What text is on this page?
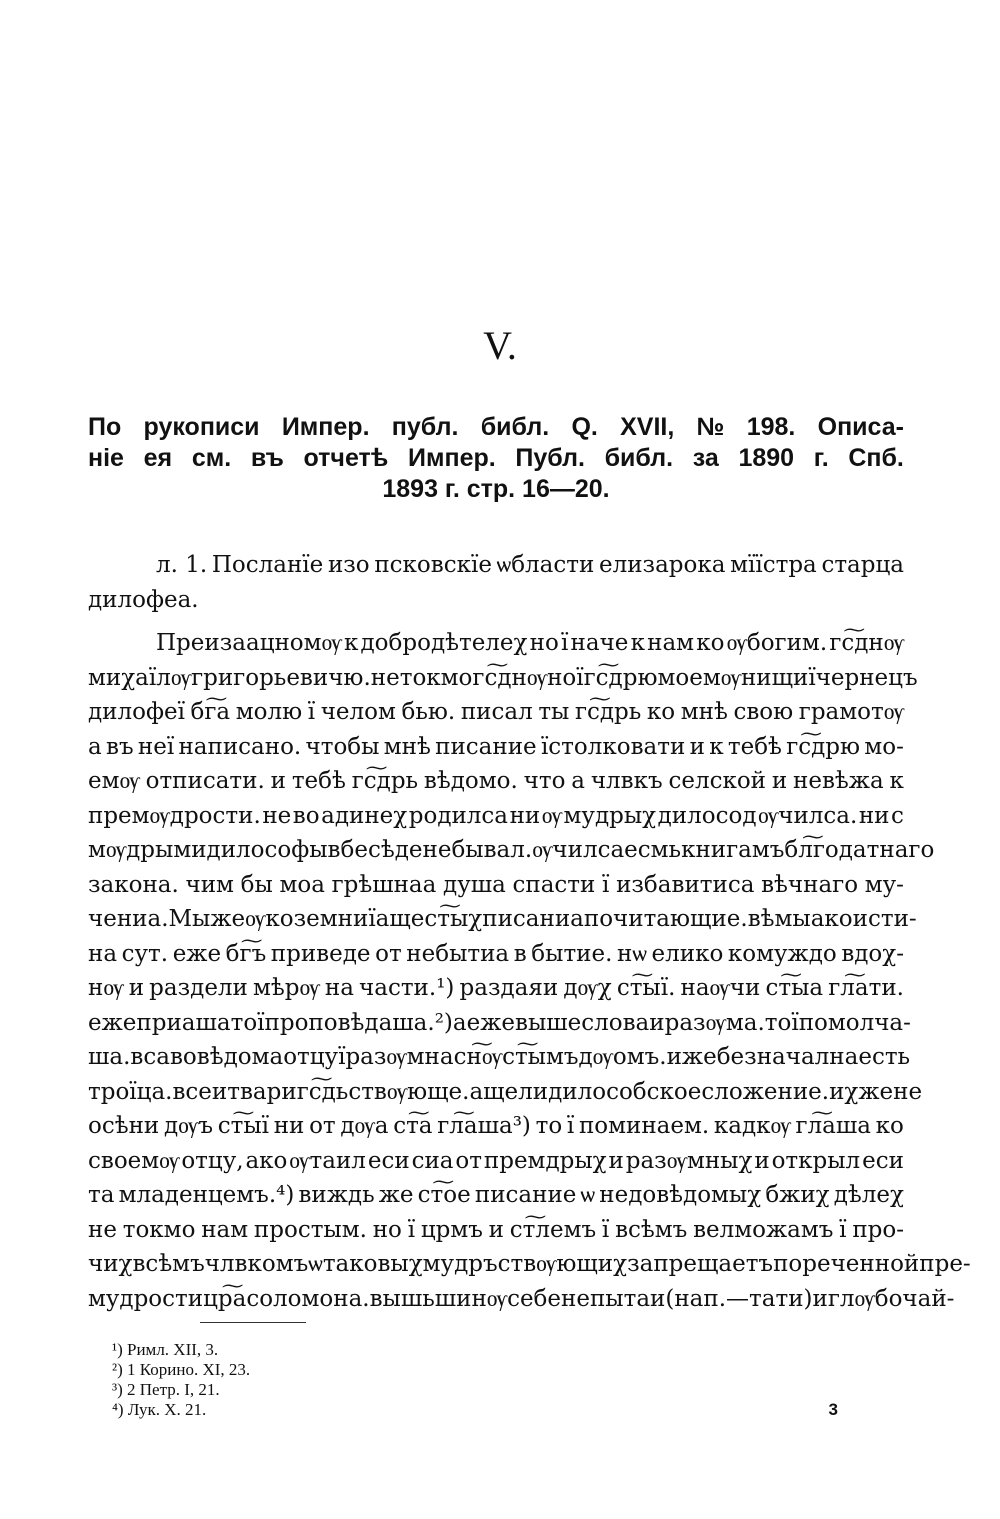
V.
По рукописи Импер. публ. библ. Q. XVII, № 198. Описа-
ніе ея см. въ отчетѣ Импер. Публ. библ. за 1890 г. Спб.
1893 г. стр. 16—20.
л. 1. Посланїе изо псковскїе ѡбласти елизарока мїїстра старца
дилофеа.
Преизаацномѹ к добродѣтелеχ но ї наче к нам ко ѹбогим. гс͠днѹ
миχаїлѹ григорьевичю. не токмо гс͠днѹ но ї гс͠дрю моемѹ нищиї чернецъ
дилофеї бг͠а молю ї челом бью. писал ты гс͠дрь ко мнѣ свою грамотѹ
а въ неї написано. чтобы мнѣ писание їстолковати и к тебѣ гс͠дрю мо-
емѹ отписати. и тебѣ гс͠дрь вѣдомо. что а члвкъ селской и невѣжа к
премѹдрости. не во адинеχ родилса ни ѹ мудрыχ дилосод ѹчилса. ни с
мѹдрыми дилософы в бесѣде не бывал. ѹчилса есмь книгамъ бл͠годатнаго
закона. чим бы моа грѣшнаа душа спасти ї избавитиса вѣчнаго му-
чениа. Мы же ѹко земниї аще ст͠ыχ писаниа почитающие. вѣмы ако исти-
на сут. еже бг͠ъ приведе от небытиа в бытие. нѡ елико комуждо вдоχ-
нѹ и раздели мѣрѹ на части.¹) раздаяи дѹχ ст͠ыї. наѹчи ст͠ыа гл͠ати.
еже приаша то ї проповѣдаша.²) а еже выше слова и разѹма. то ї помолча-
ша. вса во вѣдома отцу ї разѹмна сн͠ѹ ст͠ымъ дѹомъ. иже безначална есть
троїца. всеи твари гс͠дьствѹюще. аще ли дилособское сложение. иχ же не
осѣни дѹъ ст͠ыї ни от дѹа ст͠а гл͠аша³) то ї поминаем. кадкѹ гл͠аша ко
своемѹ отцу, ако ѹтаил еси сиа от премдрыχ и разѹмныχ и открыл еси
та младенцемъ.⁴) виждь же ст͠ое писание ѡ недовѣдомыχ бжиχ дѣлеχ
не токмо нам простым. но ї црмъ и ст͠лемъ ї всѣмъ велможамъ ї про-
чиχ всѣмъ члвкомъ ѡ таковыχ мудръствѹющиχ запрещаетъ по реченной пре-
мудрости цр͠а соломона. вышьшинѹ себе не пытаи (нап.—тати) и глѹбочай-
¹) Римл. XII, 3.
²) 1 Корино. XI, 23.
³) 2 Петр. I, 21.
⁴) Лук. X. 21.	3
